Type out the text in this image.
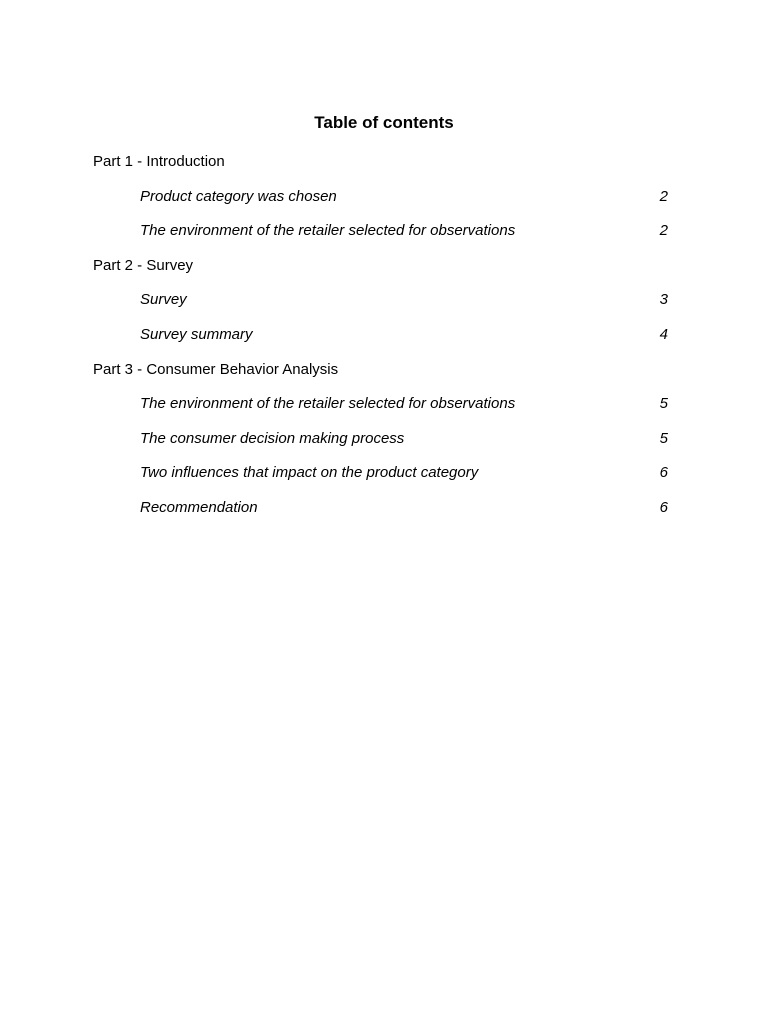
Table of contents
Part 1 - Introduction
Product category was chosen	2
The environment of the retailer selected for observations	2
Part 2 - Survey
Survey	3
Survey summary	4
Part 3 - Consumer Behavior Analysis
The environment of the retailer selected for observations	5
The consumer decision making process	5
Two influences that impact on the product category	6
Recommendation	6
